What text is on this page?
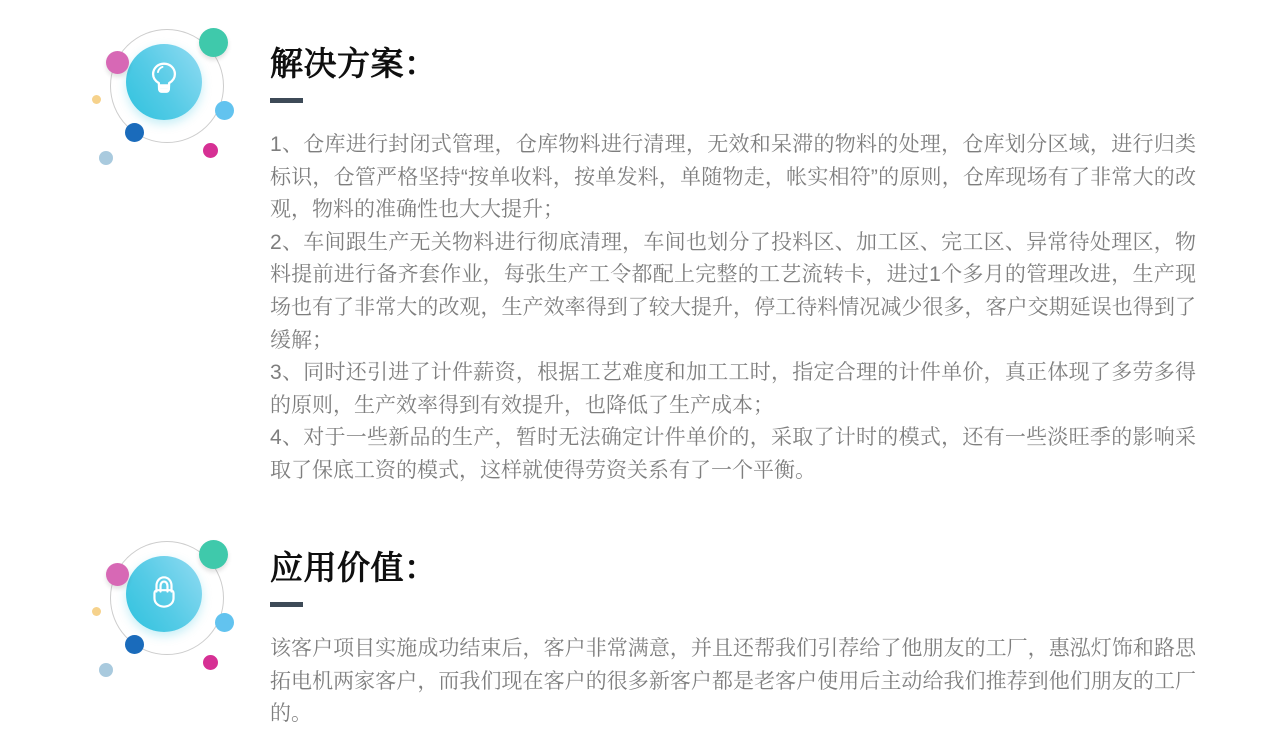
解决方案：

1、仓库进行封闭式管理，仓库物料进行清理，无效和呆滞的物料的处理，仓库划分区域，进行归类标识，仓管严格坚持“按单收料，按单发料，单随物走，帐实相符”的原则，仓库现场有了非常大的改观，物料的准确性也大大提升；

2、车间跟生产无关物料进行彻底清理，车间也划分了投料区、加工区、完工区、异常待处理区，物料提前进行备齐套作业，每张生产工令都配上完整的工艺流转卡，进过1个多月的管理改进，生产现场也有了非常大的改观，生产效率得到了较大提升，停工待料情况减少很多，客户交期延误也得到了缓解；

3、同时还引进了计件薪资，根据工艺难度和加工工时，指定合理的计件单价，真正体现了多劳多得的原则，生产效率得到有效提升，也降低了生产成本；

4、对于一些新品的生产，暂时无法确定计件单价的，采取了计时的模式，还有一些淡旺季的影响采取了保底工资的模式，这样就使得劳资关系有了一个平衡。

应用价值：

该客户项目实施成功结束后，客户非常满意，并且还帮我们引荐给了他朋友的工厂，惠泓灯饰和路思拓电机两家客户，而我们现在客户的很多新客户都是老客户使用后主动给我们推荐到他们朋友的工厂的。
